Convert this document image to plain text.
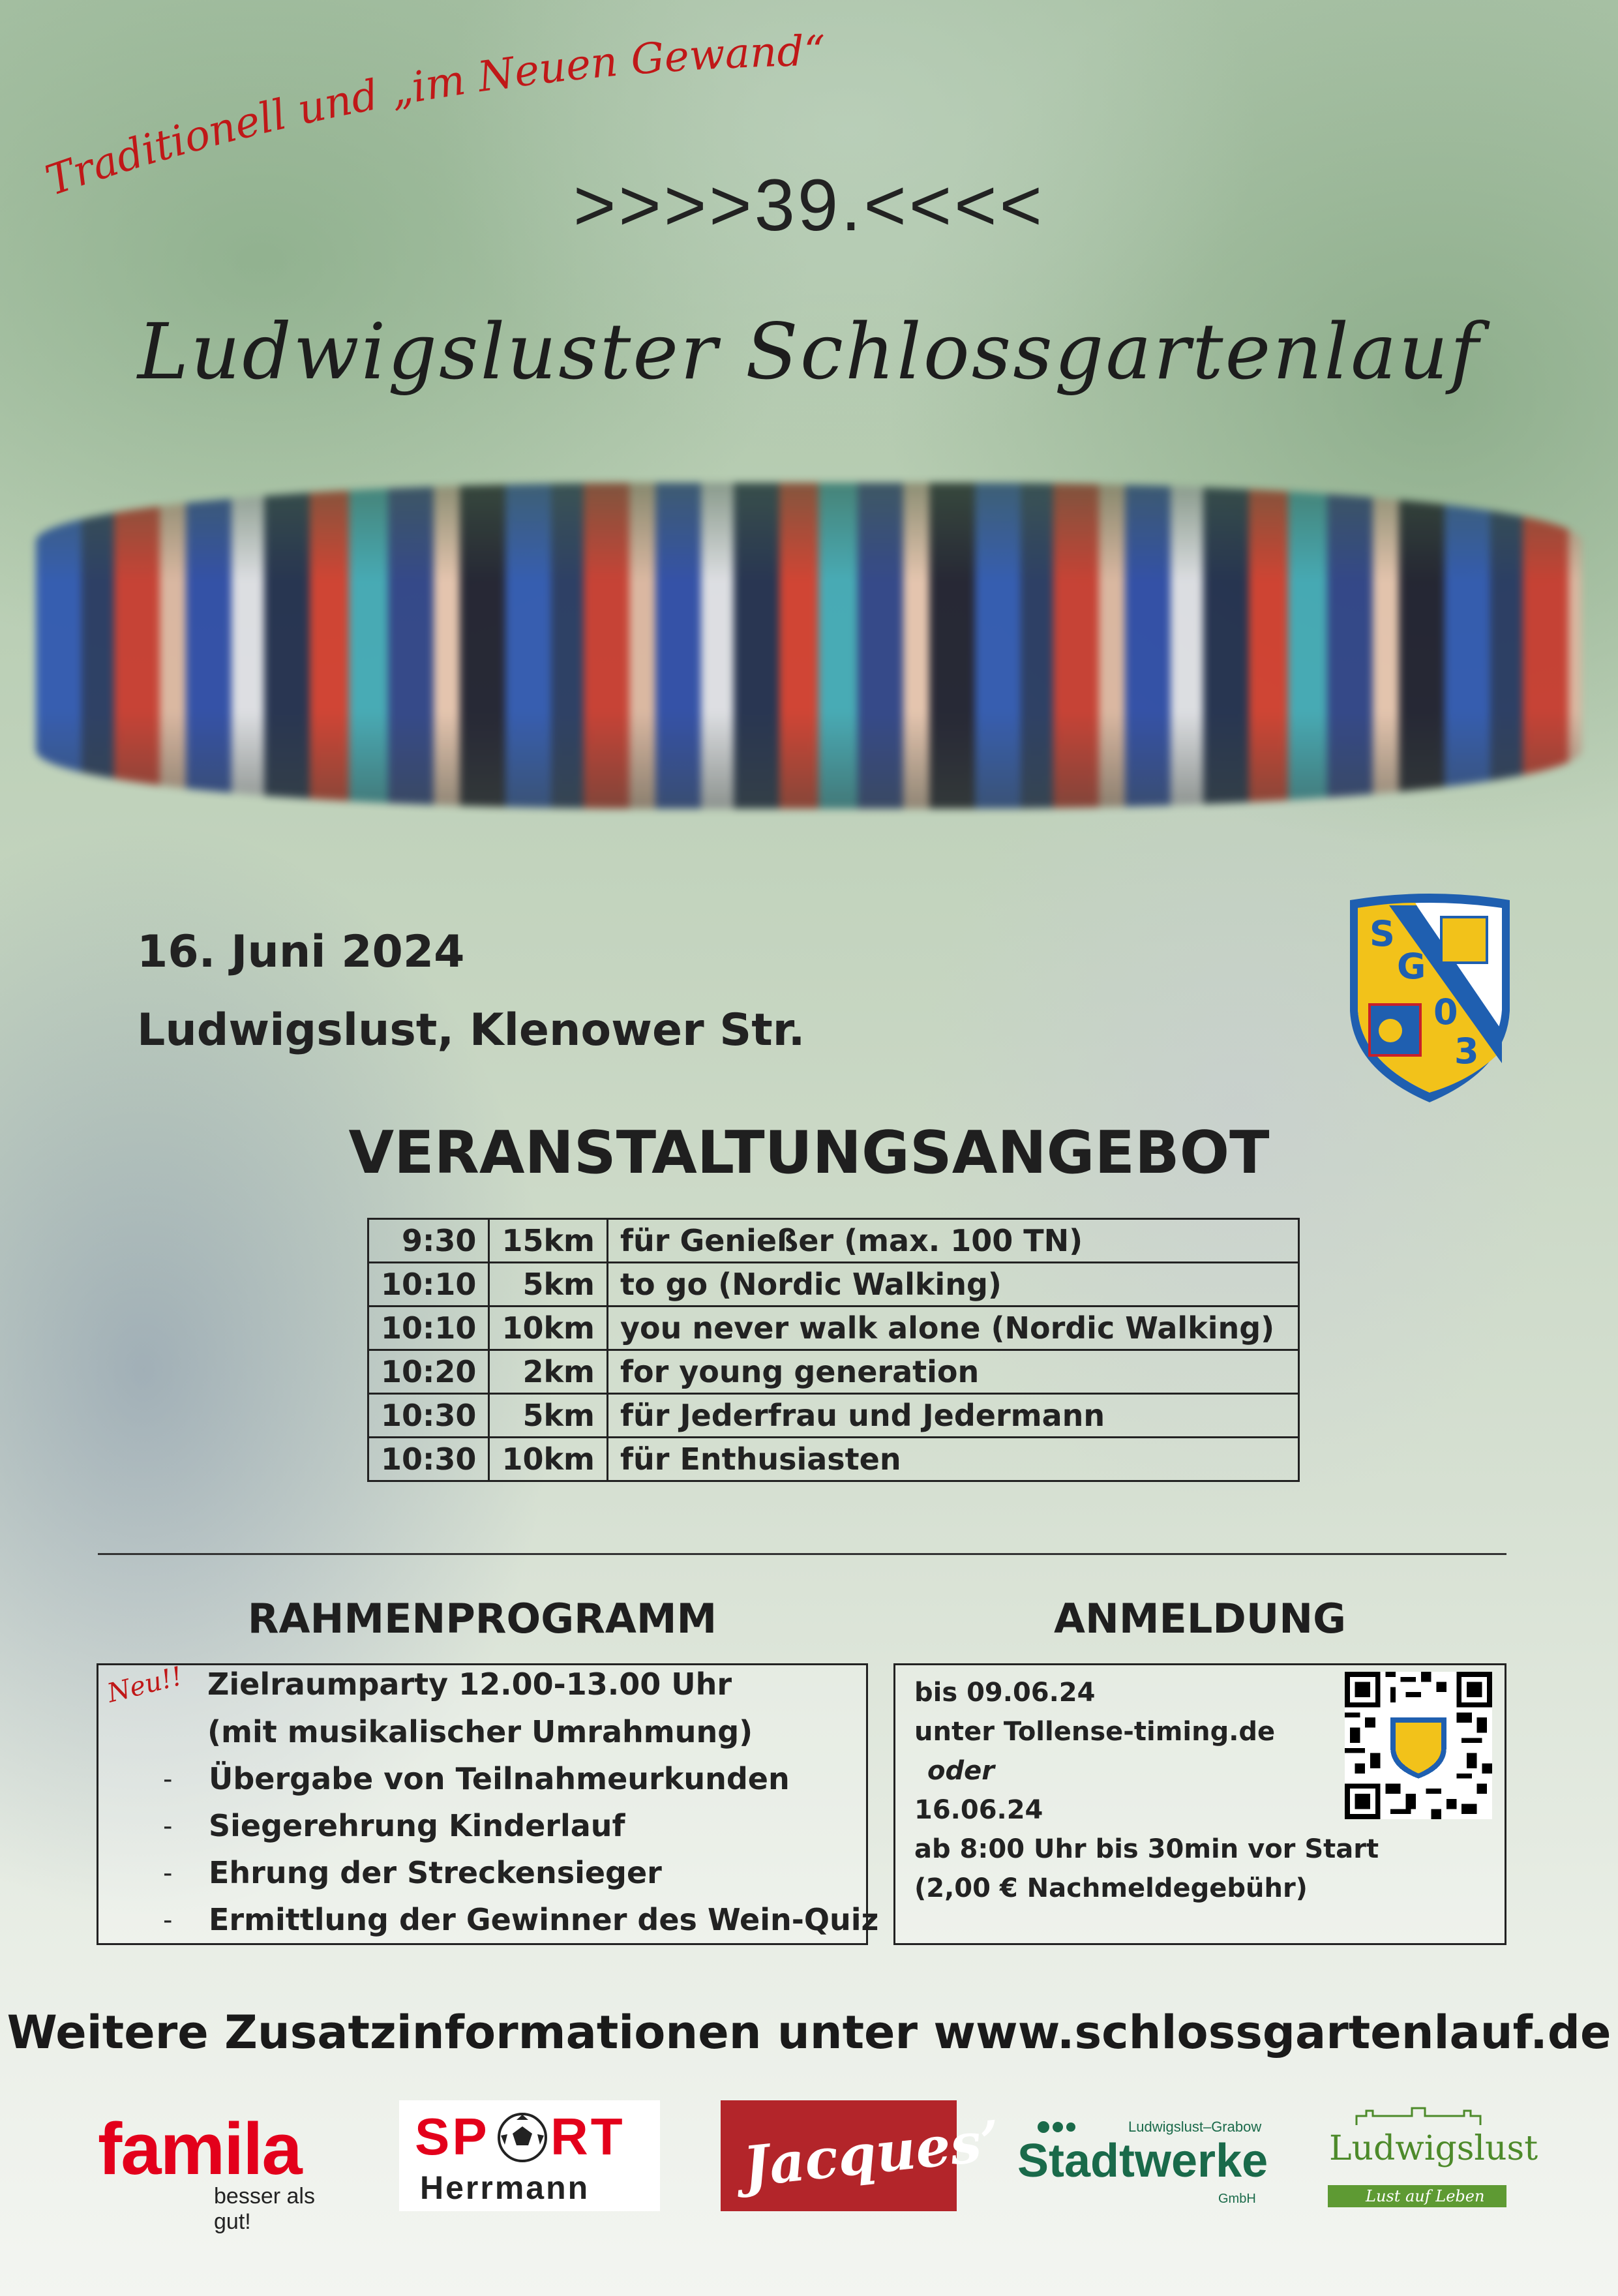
Traditionell und „im Neuen Gewand“
>>>>39.<<<<
Ludwigsluster Schlossgartenlauf
S
G
0
3
16. Juni 2024
Ludwigslust, Klenower Str.
VERANSTALTUNGSANGEBOT
9:30	15km	für Genießer (max. 100 TN)
10:10	5km	to go (Nordic Walking)
10:10	10km	you never walk alone (Nordic Walking)
10:20	2km	for young generation
10:30	5km	für Jederfrau und Jedermann
10:30	10km	für Enthusiasten
RAHMENPROGRAMM	ANMELDUNG
Neu!! Zielraumparty 12.00-13.00 Uhr
(mit musikalischer Umrahmung)
- Übergabe von Teilnahmeurkunden
- Siegerehrung Kinderlauf
- Ehrung der Streckensieger
- Ermittlung der Gewinner des Wein-Quiz
bis 09.06.24
unter Tollense-timing.de
oder
16.06.24
ab 8:00 Uhr bis 30min vor Start
(2,00 € Nachmeldegebühr)
Weitere Zusatzinformationen unter www.schlossgartenlauf.de
famila
besser als gut!
SP RT
Herrmann	Jacques’	Ludwigslust–Grabow
Stadtwerke
GmbH
Ludwigslust
Lust auf Leben
